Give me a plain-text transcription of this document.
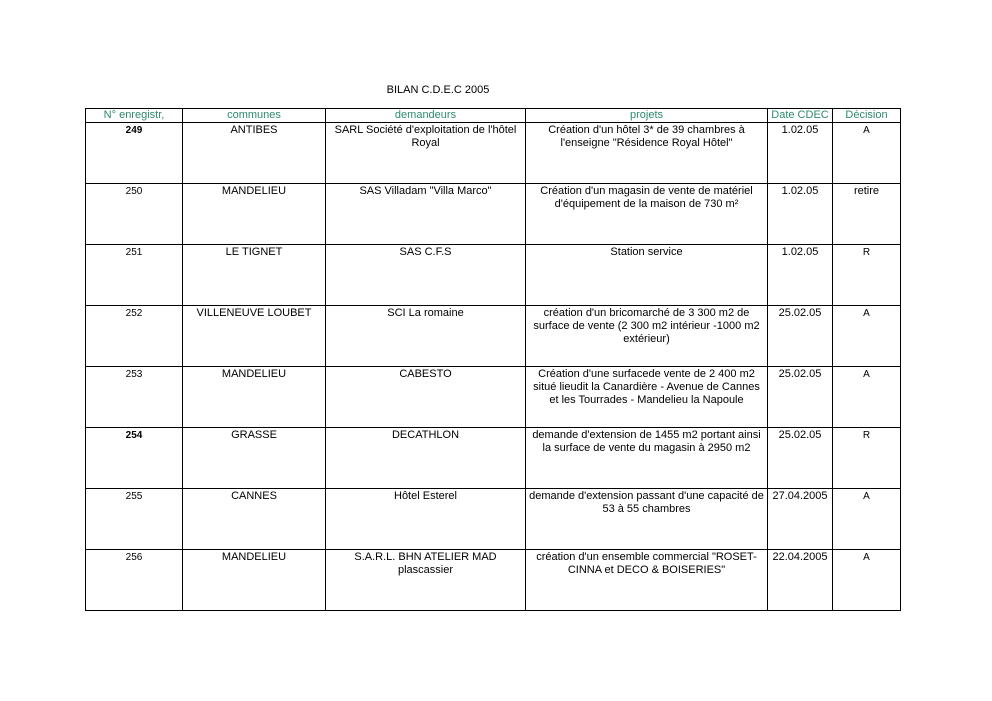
BILAN C.D.E.C 2005
N° enregistr,	communes	demandeurs	projets	Date CDEC	Décision
249	ANTIBES	SARL Société d'exploitation de l'hôtel Royal	Création d'un hôtel 3* de 39 chambres à l'enseigne "Résidence Royal Hôtel"	1.02.05	A
250	MANDELIEU	SAS Villadam "Villa Marco"	Création d'un magasin de vente de matériel d'équipement de la maison de 730 m²	1.02.05	retire
251	LE TIGNET	SAS C.F.S	Station service	1.02.05	R
252	VILLENEUVE LOUBET	SCI La romaine	création d'un bricomarché de 3 300 m2 de surface de vente (2 300 m2 intérieur -1000 m2 extérieur)	25.02.05	A
253	MANDELIEU	CABESTO	Création d'une surfacede vente de 2 400 m2 situé lieudit la Canardière - Avenue de Cannes et les Tourrades - Mandelieu la Napoule	25.02.05	A
254	GRASSE	DECATHLON	demande d'extension de 1455 m2 portant ainsi la surface de vente du magasin à 2950 m2	25.02.05	R
255	CANNES	Hôtel Esterel	demande d'extension passant d'une capacité de 53 à 55 chambres	27.04.2005	A
256	MANDELIEU	S.A.R.L. BHN ATELIER MAD plascassier	création d'un ensemble commercial "ROSET-CINNA et DECO & BOISERIES"	22.04.2005	A
